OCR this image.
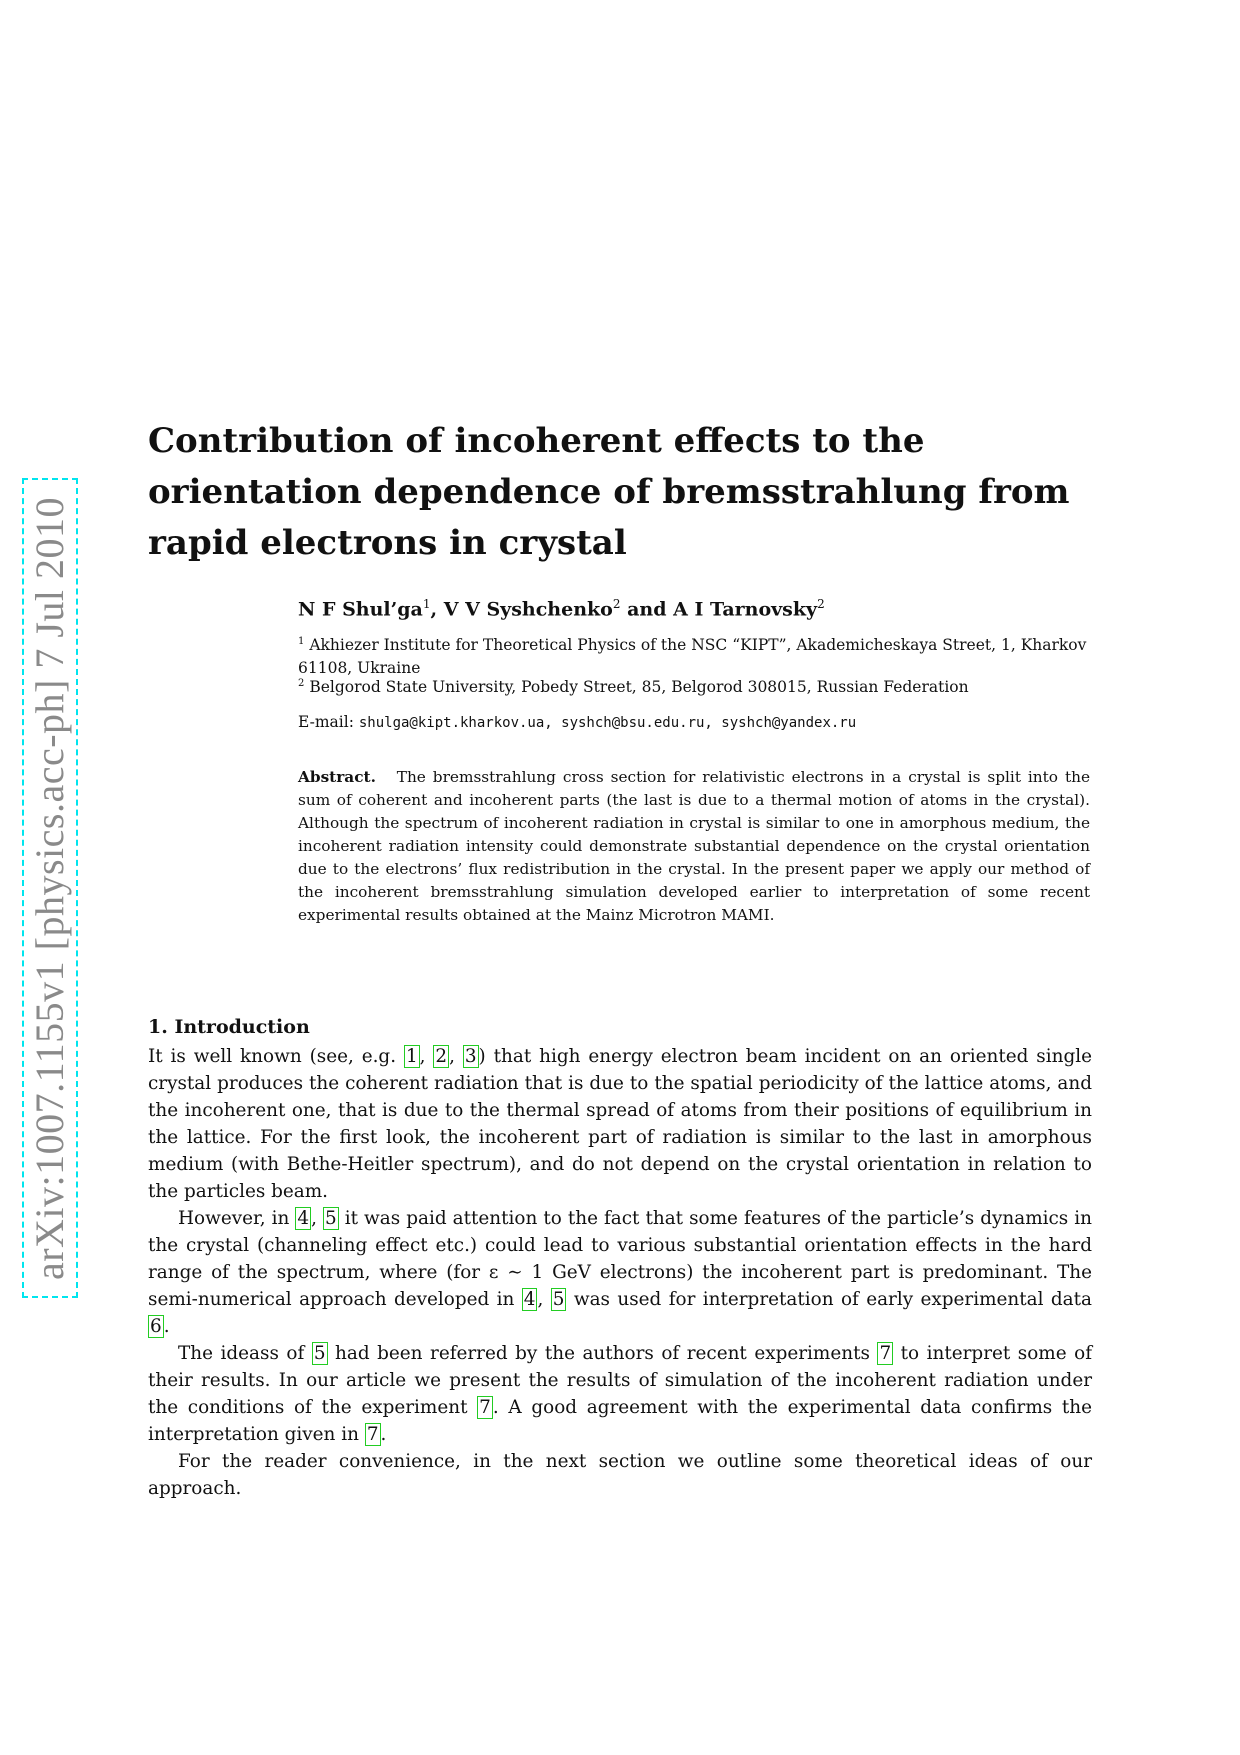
arXiv:1007.1155v1 [physics.acc-ph] 7 Jul 2010
Contribution of incoherent effects to the orientation dependence of bremsstrahlung from rapid electrons in crystal
N F $Shul’ga^1$, V V Syshchenko$^2$ and A I Tarnovsky$^2$
$^1$ Akhiezer Institute for Theoretical Physics of the NSC “KIPT”, Akademicheskaya Street, 1, Kharkov 61108, Ukraine
$^2$ Belgorod State University, Pobedy Street, 85, Belgorod 308015, Russian Federation
E-mail: shulga@kipt.kharkov.ua, syshch@bsu.edu.ru, syshch@yandex.ru

Abstract. The bremsstrahlung cross section for relativistic electrons in a crystal is split into the sum of coherent and incoherent parts (the last is due to a thermal motion of atoms in the crystal). Although the spectrum of incoherent radiation in crystal is similar to one in amorphous medium, the incoherent radiation intensity could demonstrate substantial dependence on the crystal orientation due to the electrons’ flux redistribution in the crystal. In the present paper we apply our method of the incoherent bremsstrahlung simulation developed earlier to interpretation of some recent experimental results obtained at the Mainz Microtron MAMI.

1. Introduction

It is well known (see, e.g. 1 , 2 , 3 ) that high energy electron beam incident on an oriented single crystal produces the coherent radiation that is due to the spatial periodicity of the lattice atoms, and the incoherent one, that is due to the thermal spread of atoms from their positions of equilibrium in the lattice. For the first look, the incoherent part of radiation is similar to the last in amorphous medium (with Bethe-Heitler spectrum), and do not depend on the crystal orientation in relation to the particles beam.

However, in 4 , 5 it was paid attention to the fact that some features of the particle’s dynamics in the crystal (channeling effect etc.) could lead to various substantial orientation effects in the hard range of the spectrum, where (for ε ∼ 1 GeV electrons) the incoherent part is predominant. The semi-numerical approach developed in 4 , 5 was used for interpretation of early experimental data 6 .

The ideass of 5 had been referred by the authors of recent experiments 7 to interpret some of their results. In our article we present the results of simulation of the incoherent radiation under the conditions of the experiment 7 . A good agreement with the experimental data confirms the interpretation given in 7 .

For the reader convenience, in the next section we outline some theoretical ideas of our approach.
